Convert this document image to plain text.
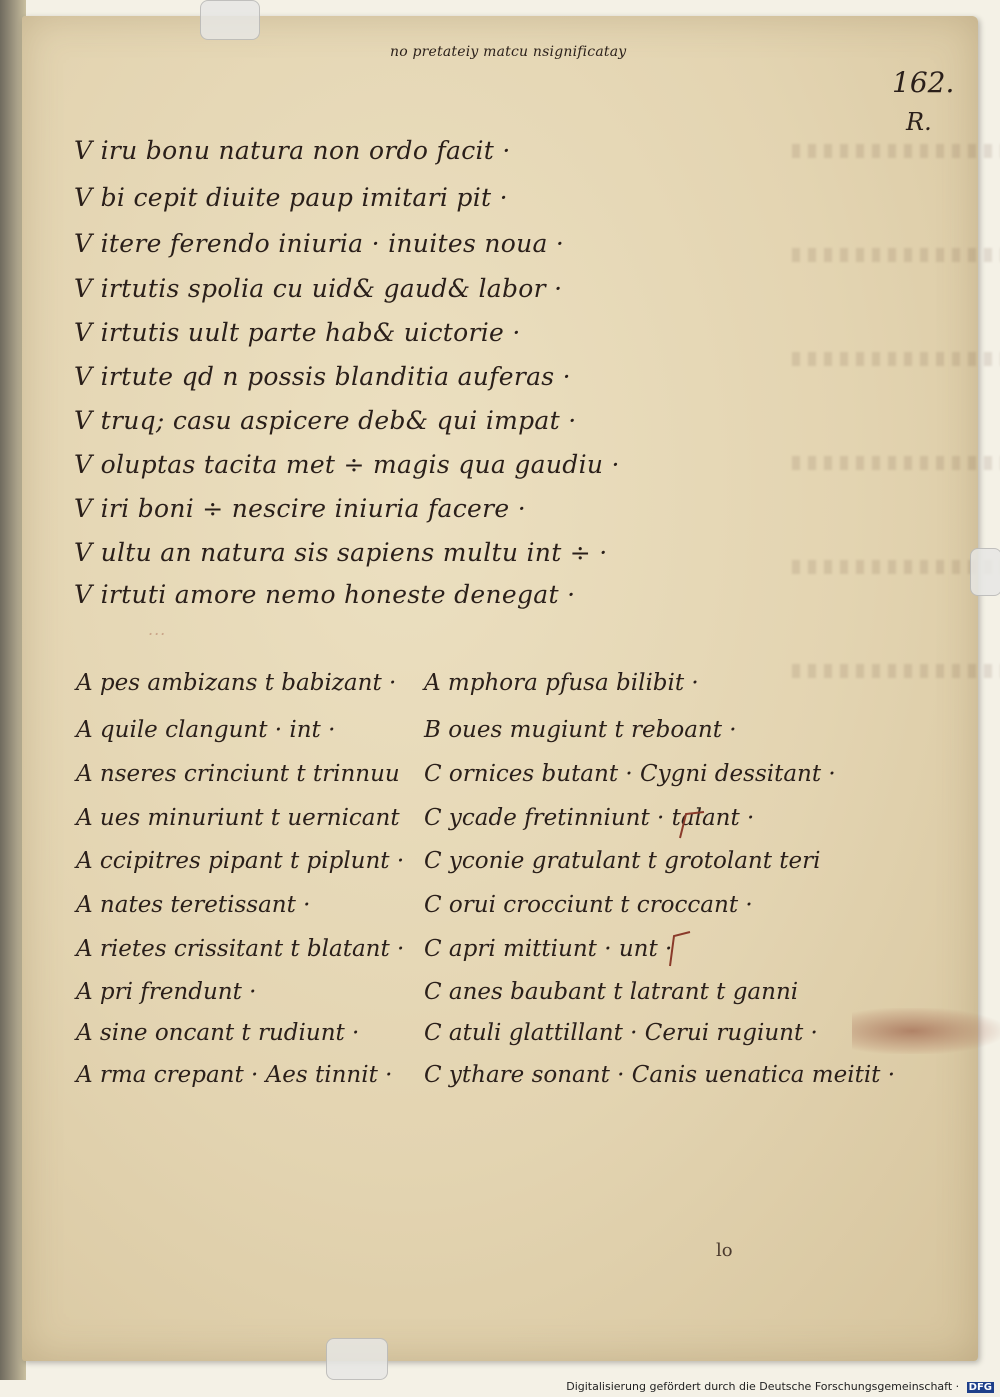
no pretateiy matcu nsignificatay
162.
R.
V iru bonu natura non ordo facit ·
V bi cepit diuite paup imitari pit ·
V itere ferendo iniuria · inuites noua ·
V irtutis spolia cu uid& gaud& labor ·
V irtutis uult parte hab& uictorie ·
V irtute qd n possis blanditia auferas ·
V truq; casu aspicere deb& qui impat ·
V oluptas tacita met ÷ magis qua gaudiu ·
V iri boni ÷ nescire iniuria facere ·
V ultu an natura sis sapiens multu int ÷ ·
V irtuti amore nemo honeste denegat ·
...
A pes ambizans t babizant ·
A quile clangunt · int ·
A nseres crinciunt t trinnuu
A ues minuriunt t uernicant
A ccipitres pipant t piplunt ·
A nates teretissant ·
A rietes crissitant t blatant ·
A pri frendunt ·
A sine oncant t rudiunt ·
A rma crepant · Aes tinnit ·
A mphora pfusa bilibit ·
B oues mugiunt t reboant ·
C ornices butant · Cygni dessitant ·
C ycade fretinniunt · talant ·
C yconie gratulant t grotolant teri
C orui crocciunt t croccant ·
C apri mittiunt · unt ·
C anes baubant t latrant t ganni
C atuli glattillant · Cerui rugiunt ·
C ythare sonant · Canis uenatica meitit ·
lo
Digitalisierung gefördert durch die Deutsche Forschungsgemeinschaft · DFG
